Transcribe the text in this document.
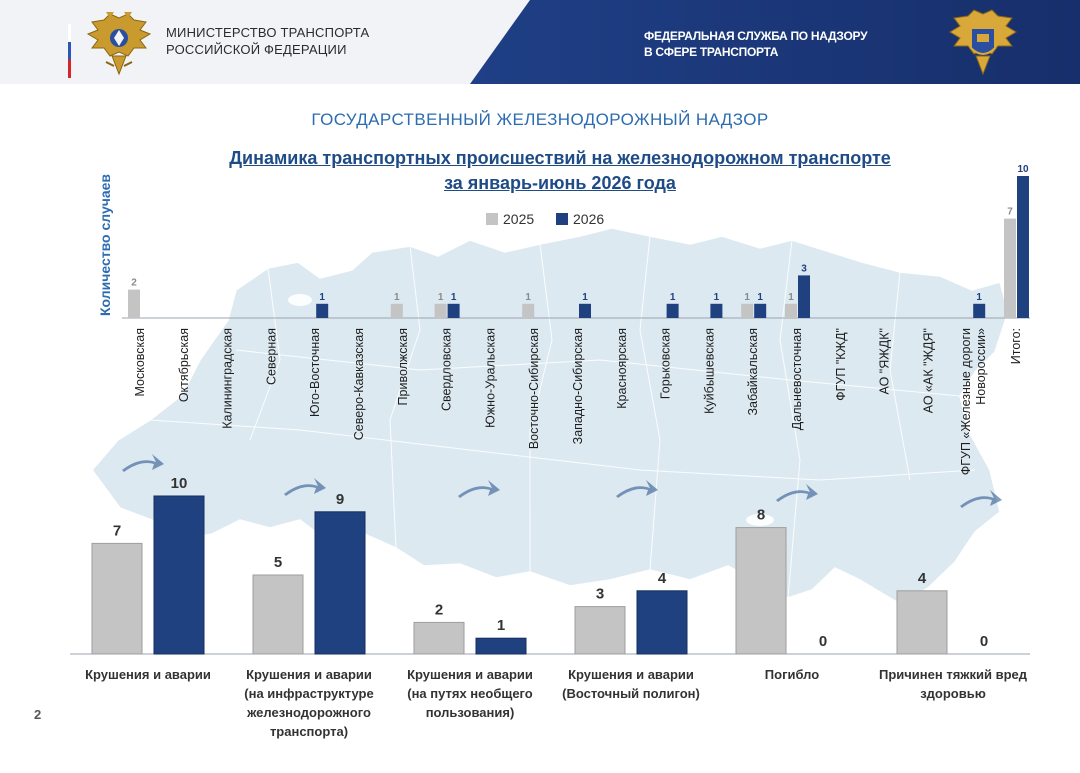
МИНИСТЕРСТВО ТРАНСПОРТА
РОССИЙСКОЙ ФЕДЕРАЦИИ
ФЕДЕРАЛЬНАЯ СЛУЖБА ПО НАДЗОРУ
В СФЕРЕ ТРАНСПОРТА
ГОСУДАРСТВЕННЫЙ ЖЕЛЕЗНОДОРОЖНЫЙ НАДЗОР
Динамика транспортных происшествий на железнодорожном транспорте
за январь-июнь 2026 года
2
Московская Октябрьская Калининградская Северная
1
Юго-Восточная Северо-Кавказская
1
Приволжская
1 1
Свердловская Южно-Уральская
1
Восточно-Сибирская
1
Западно-Сибирская Красноярская
1
Горьковская
1
Куйбышевская
1 1
Забайкальская
1
3
Дальневосточная ФГУП "КЖД" АО "ЯЖДК" АО «АК "ЖДЯ"
1
ФГУП «Железные дорогиНовороссии»
7
10
Итого:
Количество случаев	2025	2026
7
10
Крушения и аварии
5
9
Крушения и аварии (на инфраструктуре железнодорожного транспорта)
2
1
Крушения и аварии (на путях необщего пользования)
3
4
Крушения и аварии (Восточный полигон)
8
0
Погибло
4
0
Причинен тяжкий вред здоровью
2
